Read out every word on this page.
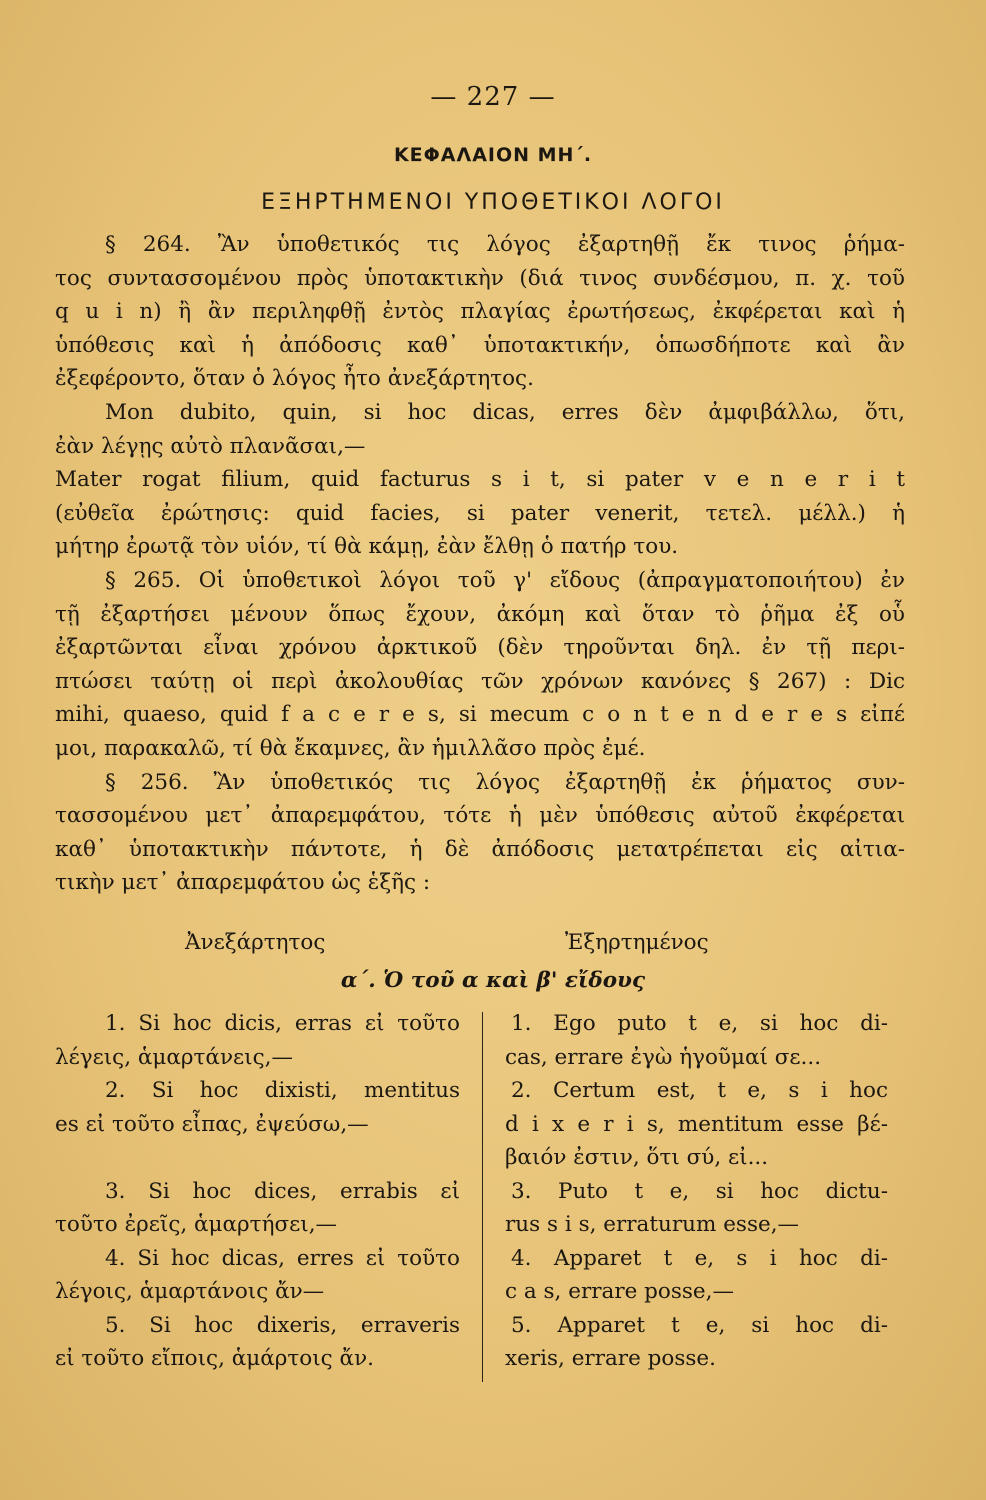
— 227 —
ΚΕΦΑΛΑΙΟΝ ΜΗ΄.
ΕΞΗΡΤΗΜΕΝΟΙ ΥΠΟΘΕΤΙΚΟΙ ΛΟΓΟΙ
§ 264. Ἂν ὑποθετικός τις λόγος ἐξαρτηθῇ ἔκ τινος ῥήμα-
τος συντασσομένου πρὸς ὑποτακτικὴν (διά τινος συνδέσμου, π. χ. τοῦ
q u i n) ἢ ἂν περιληφθῇ ἐντὸς πλαγίας ἐρωτήσεως, ἐκφέρεται καὶ ἡ
ὑπόθεσις καὶ ἡ ἀπόδοσις καθ᾽ ὑποτακτικήν, ὁπωσδήποτε καὶ ἂν
ἐξεφέροντο, ὅταν ὁ λόγος ἦτο ἀνεξάρτητος.
Mon dubito, quin, si hoc dicas, erres δὲν ἀμφιβάλλω, ὅτι,
ἐὰν λέγῃς αὐτὸ πλανᾶσαι,—
Mater rogat filium, quid facturus s i t, si pater v e n e r i t
(εὐθεῖα ἐρώτησις: quid facies, si pater venerit, τετελ. μέλλ.) ἡ
μήτηρ ἐρωτᾷ τὸν υἱόν, τί θὰ κάμῃ, ἐὰν ἔλθῃ ὁ πατήρ του.
§ 265. Οἱ ὑποθετικοὶ λόγοι τοῦ γ' εἴδους (ἀπραγματοποιήτου) ἐν
τῇ ἐξαρτήσει μένουν ὅπως ἔχουν, ἀκόμη καὶ ὅταν τὸ ῥῆμα ἐξ οὗ
ἐξαρτῶνται εἶναι χρόνου ἀρκτικοῦ (δὲν τηροῦνται δηλ. ἐν τῇ περι-
πτώσει ταύτῃ οἱ περὶ ἀκολουθίας τῶν χρόνων κανόνες § 267) : Dic
mihi, quaeso, quid f a c e r e s, si mecum c o n t e n d e r e s εἰπέ
μοι, παρακαλῶ, τί θὰ ἔκαμνες, ἂν ἡμιλλᾶσο πρὸς ἐμέ.
§ 256. Ἂν ὑποθετικός τις λόγος ἐξαρτηθῇ ἐκ ῥήματος συν-
τασσομένου μετ᾽ ἀπαρεμφάτου, τότε ἡ μὲν ὑπόθεσις αὐτοῦ ἐκφέρεται
καθ᾽ ὑποτακτικὴν πάντοτε, ἡ δὲ ἀπόδοσις μετατρέπεται εἰς αἰτια-
τικὴν μετ᾽ ἀπαρεμφάτου ὡς ἑξῆς :
Ἀνεξάρτητος	Ἐξηρτημένος
α΄. Ὁ τοῦ α καὶ β' εἴδους
1. Si hoc dicis, erras εἰ τοῦτο
λέγεις, ἁμαρτάνεις,—
2. Si hoc dixisti, mentitus
es εἰ τοῦτο εἶπας, ἐψεύσω,—
3. Si hoc dices, errabis εἰ
τοῦτο ἐρεῖς, ἁμαρτήσει,—
4. Si hoc dicas, erres εἰ τοῦτο
λέγοις, ἁμαρτάνοις ἄν—
5. Si hoc dixeris, erraveris
εἰ τοῦτο εἴποις, ἁμάρτοις ἄν.
1. Ego puto t e, si hoc di-
cas, errare ἐγὼ ἡγοῦμαί σε...
2. Certum est, t e, s i hoc
d i x e r i s, mentitum esse βέ-
βαιόν ἐστιν, ὅτι σύ, εἰ...
3. Puto t e, si hoc dictu-
rus s i s, erraturum esse,—
4. Apparet t e, s i hoc di-
c a s, errare posse,—
5. Apparet t e, si hoc di-
xeris, errare posse.
